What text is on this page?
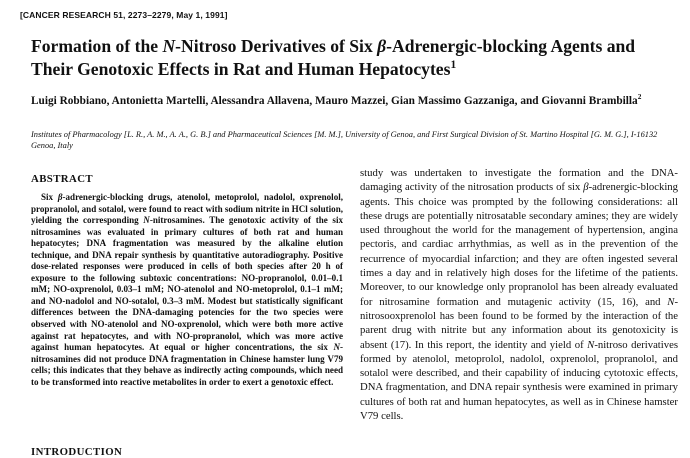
[CANCER RESEARCH 51, 2273–2279, May 1, 1991]
Formation of the N-Nitroso Derivatives of Six β-Adrenergic-blocking Agents and Their Genotoxic Effects in Rat and Human Hepatocytes$^1$

Luigi Robbiano, Antonietta Martelli, Alessandra Allavena, Mauro Mazzei, Gian Massimo Gazzaniga, and Giovanni Brambilla$^2$

Institutes of Pharmacology [L. R., A. M., A. A., G. B.] and Pharmaceutical Sciences [M. M.], University of Genoa, and First Surgical Division of St. Martino Hospital [G. M. G.], I-16132 Genoa, Italy

ABSTRACT

Six β-adrenergic-blocking drugs, atenolol, metoprolol, nadolol, oxprenolol, propranolol, and sotalol, were found to react with sodium nitrite in HCl solution, yielding the corresponding N-nitrosamines. The genotoxic activity of the six nitrosamines was evaluated in primary cultures of both rat and human hepatocytes; DNA fragmentation was measured by the alkaline elution technique, and DNA repair synthesis by quantitative autoradiography. Positive dose-related responses were produced in cells of both species after 20 h of exposure to the following subtoxic concentrations: NO-propranolol, 0.01–0.1 mM; NO-oxprenolol, 0.03–1 mM; NO-atenolol and NO-metoprolol, 0.1–1 mM; and NO-nadolol and NO-sotalol, 0.3–3 mM. Modest but statistically significant differences between the DNA-damaging potencies for the two species were observed with NO-atenolol and NO-oxprenolol, which were both more active against rat hepatocytes, and with NO-propranolol, which was more active against human hepatocytes. At equal or higher concentrations, the six N-nitrosamines did not produce DNA fragmentation in Chinese hamster lung V79 cells; this indicates that they behave as indirectly acting compounds, which need to be transformed into reactive metabolites in order to exert a genotoxic effect.

INTRODUCTION

study was undertaken to investigate the formation and the DNA-damaging activity of the nitrosation products of six β-adrenergic-blocking agents. This choice was prompted by the following considerations: all these drugs are potentially nitrosatable secondary amines; they are widely used throughout the world for the management of hypertension, angina pectoris, and cardiac arrhythmias, as well as in the prevention of the recurrence of myocardial infarction; and they are often ingested several times a day and in relatively high doses for the lifetime of the patients. Moreover, to our knowledge only propranolol has been already evaluated for nitrosamine formation and mutagenic activity (15, 16), and N-nitrosooxprenolol has been found to be formed by the interaction of the parent drug with nitrite but any information about its genotoxicity is absent (17). In this report, the identity and yield of N-nitroso derivatives formed by atenolol, metoprolol, nadolol, oxprenolol, propranolol, and sotalol were described, and their capability of inducing cytotoxic effects, DNA fragmentation, and DNA repair synthesis were examined in primary cultures of both rat and human hepatocytes, as well as in Chinese hamster V79 cells.
